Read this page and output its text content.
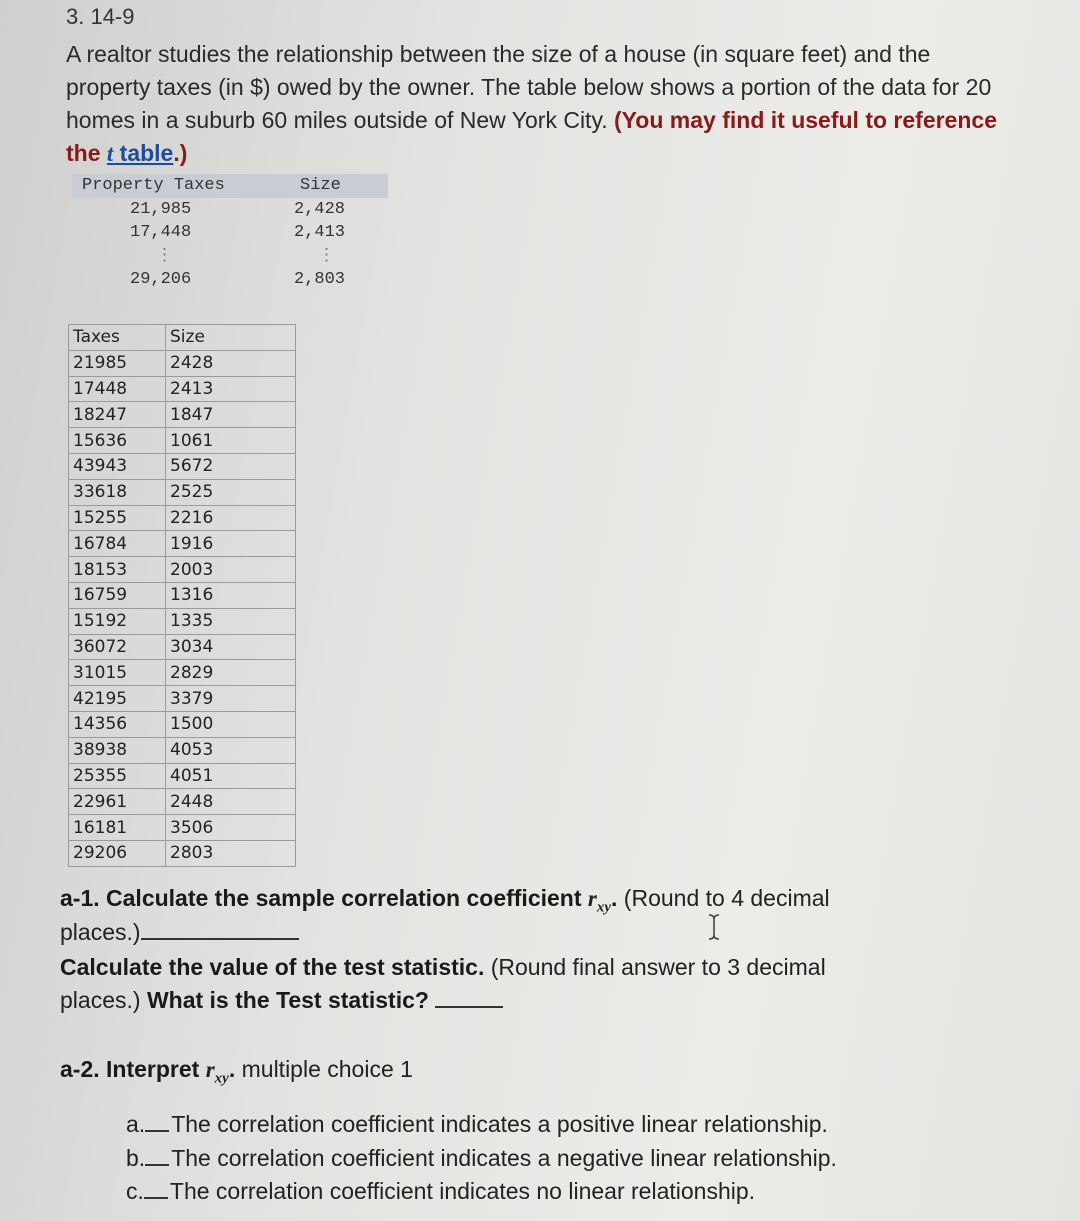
3. 14-9
A realtor studies the relationship between the size of a house (in square feet) and the property taxes (in $) owed by the owner. The table below shows a portion of the data for 20 homes in a suburb 60 miles outside of New York City. (You may find it useful to reference the t table.)
Property Taxes	Size
21,985	2,428
17,448	2,413
⋮	⋮
29,206	2,803
Taxes	Size
21985	2428
17448	2413
18247	1847
15636	1061
43943	5672
33618	2525
15255	2216
16784	1916
18153	2003
16759	1316
15192	1335
36072	3034
31015	2829
42195	3379
14356	1500
38938	4053
25355	4051
22961	2448
16181	3506
29206	2803
a-1. Calculate the sample correlation coefficient $r_{xy}$. (Round to 4 decimal
places.)
Calculate the value of the test statistic. (Round final answer to 3 decimal
places.) What is the Test statistic?
a-2. Interpret $r_{xy}$. multiple choice 1
a. The correlation coefficient indicates a positive linear relationship.
b. The correlation coefficient indicates a negative linear relationship.
c. The correlation coefficient indicates no linear relationship.
